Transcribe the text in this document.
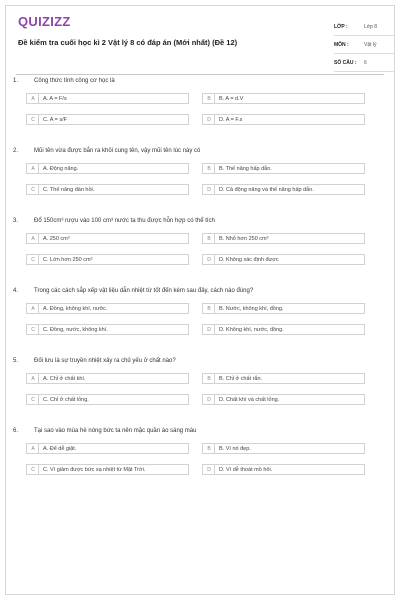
QUIZIZZ
Đề kiểm tra cuối học kì 2 Vật lý 8 có đáp án (Mới nhất) (Đề 12)
LỚP :	Lớp 8
MÔN :	Vật lý
SỐ CÂU :	6
1.	Công thức tính công cơ học là
A	A. A = F/s	B	B. A = d.V
C	C. A = s/F	D	D. A = F.s
2.	Mũi tên vừa được bắn ra khỏi cung tên, vậy mũi tên lúc này có
A	A. Động năng.	B	B. Thế năng hấp dẫn.
C	C. Thế năng đàn hồi.	D	D. Cả động năng và thế năng hấp dẫn.
3.	Đổ 150cm³ rượu vào 100 cm³ nước ta thu được hỗn hợp có thể tích
A	A. 250 cm³	B	B. Nhỏ hơn 250 cm³
C	C. Lớn hơn 250 cm³	D	D. Không xác định được
4.	Trong các cách sắp xếp vật liệu dẫn nhiệt từ tốt đến kém sau đây, cách nào đúng?
A	A. Đồng, không khí, nước.	B	B. Nước, không khí, đồng.
C	C. Đồng, nước, không khí.	D	D. Không khí, nước, đồng.
5.	Đối lưu là sự truyền nhiệt xảy ra chủ yếu ở chất nào?
A	A. Chỉ ở chất khí.	B	B. Chỉ ở chất rắn.
C	C. Chỉ ở chất lỏng.	D	D. Chất khí và chất lỏng.
6.	Tại sao vào mùa hè nóng bức ta nên mặc quần áo sáng màu
A	A. Để dễ giặt.	B	B. Vì nó đẹp.
C	C. Vì giảm được bức xạ nhiệt từ Mặt Trời.	D	D. Vì dễ thoát mồ hôi.
